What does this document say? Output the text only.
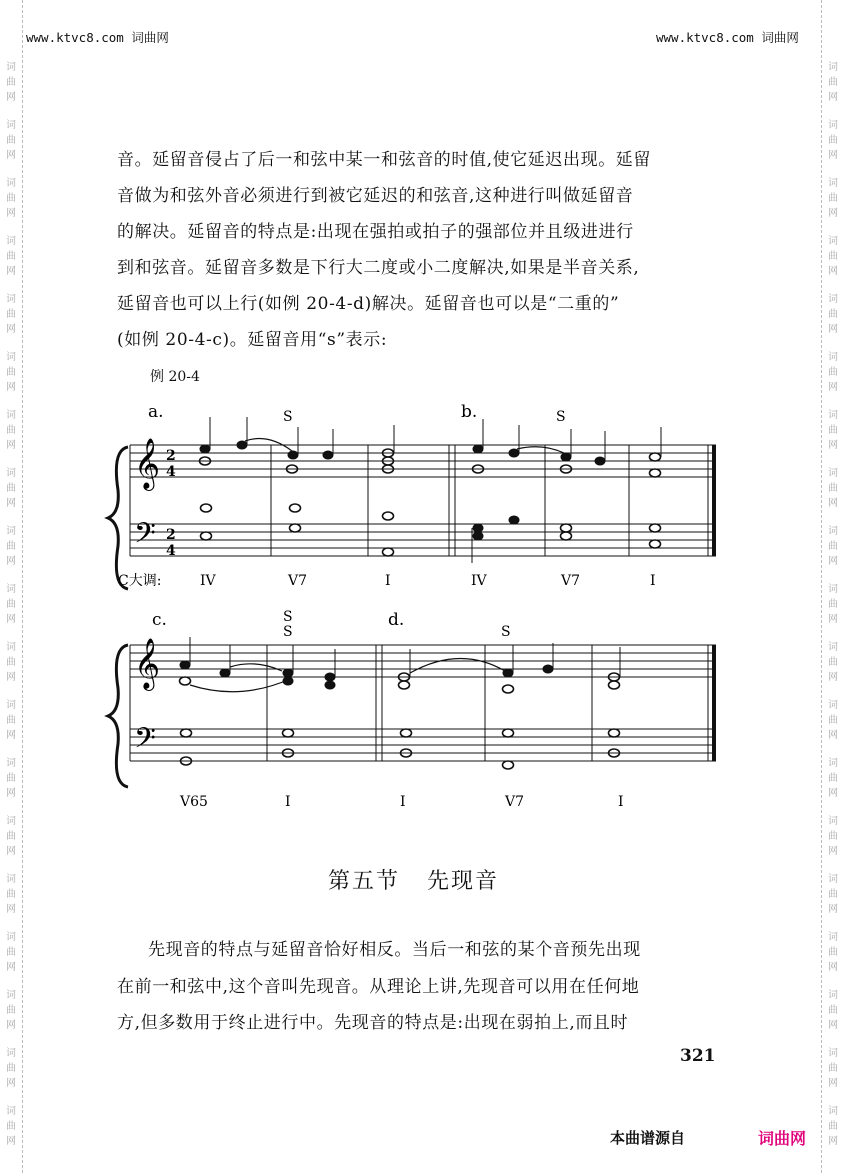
词
曲
网
词
曲
网
词
曲
网
词
曲
网
词
曲
网
词
曲
网
词
曲
网
词
曲
网
词
曲
网
词
曲
网
词
曲
网
词
曲
网
词
曲
网
词
曲
网
词
曲
网
词
曲
网
词
曲
网
词
曲
网
词
曲
网
词
曲
网
词
曲
网
词
曲
网
词
曲
网
词
曲
网
词
曲
网
词
曲
网
词
曲
网
词
曲
网
词
曲
网
词
曲
网
词
曲
网
词
曲
网
词
曲
网
词
曲
网
词
曲
网
词
曲
网
词
曲
网
词
曲
网
www.ktvc8.com 词曲网	www.ktvc8.com 词曲网
音。延留音侵占了后一和弦中某一和弦音的时值,使它延迟出现。延留
音做为和弦外音必须进行到被它延迟的和弦音,这种进行叫做延留音
的解决。延留音的特点是:出现在强拍或拍子的强部位并且级进进行
到和弦音。延留音多数是下行大二度或小二度解决,如果是半音关系,
延留音也可以上行(如例 20-4-d)解决。延留音也可以是“二重的”
(如例 20-4-c)。延留音用“s”表示:
例 20-4
a.	b.
S	S
𝄞
𝄢
2
4
2
4
C大调:	IV	V7	I	IV	V7	I
c.	d.
S
S	S
𝄞
𝄢
V65	I	I	V7	I
第五节   先现音
先现音的特点与延留音恰好相反。当后一和弦的某个音预先出现
在前一和弦中,这个音叫先现音。从理论上讲,先现音可以用在任何地
方,但多数用于终止进行中。先现音的特点是:出现在弱拍上,而且时
321
本曲谱源自	词曲网
